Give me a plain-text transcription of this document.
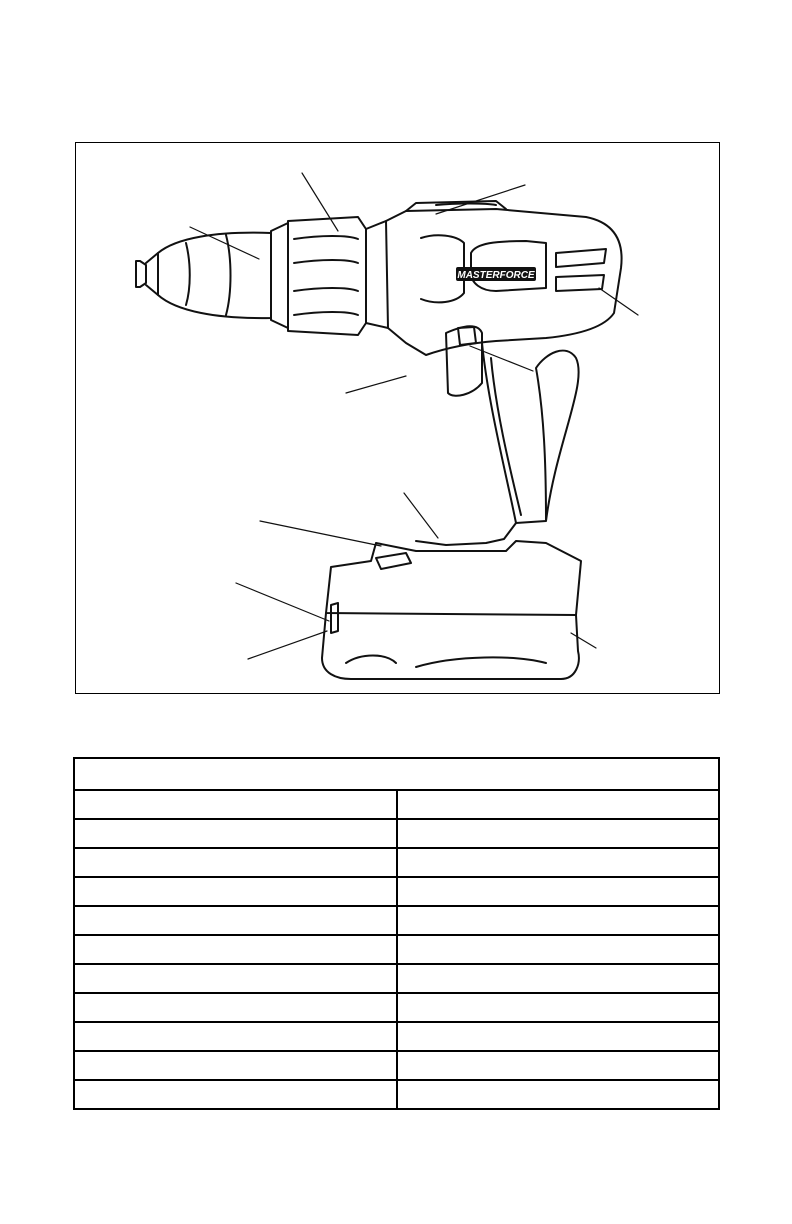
MASTERFORCE
